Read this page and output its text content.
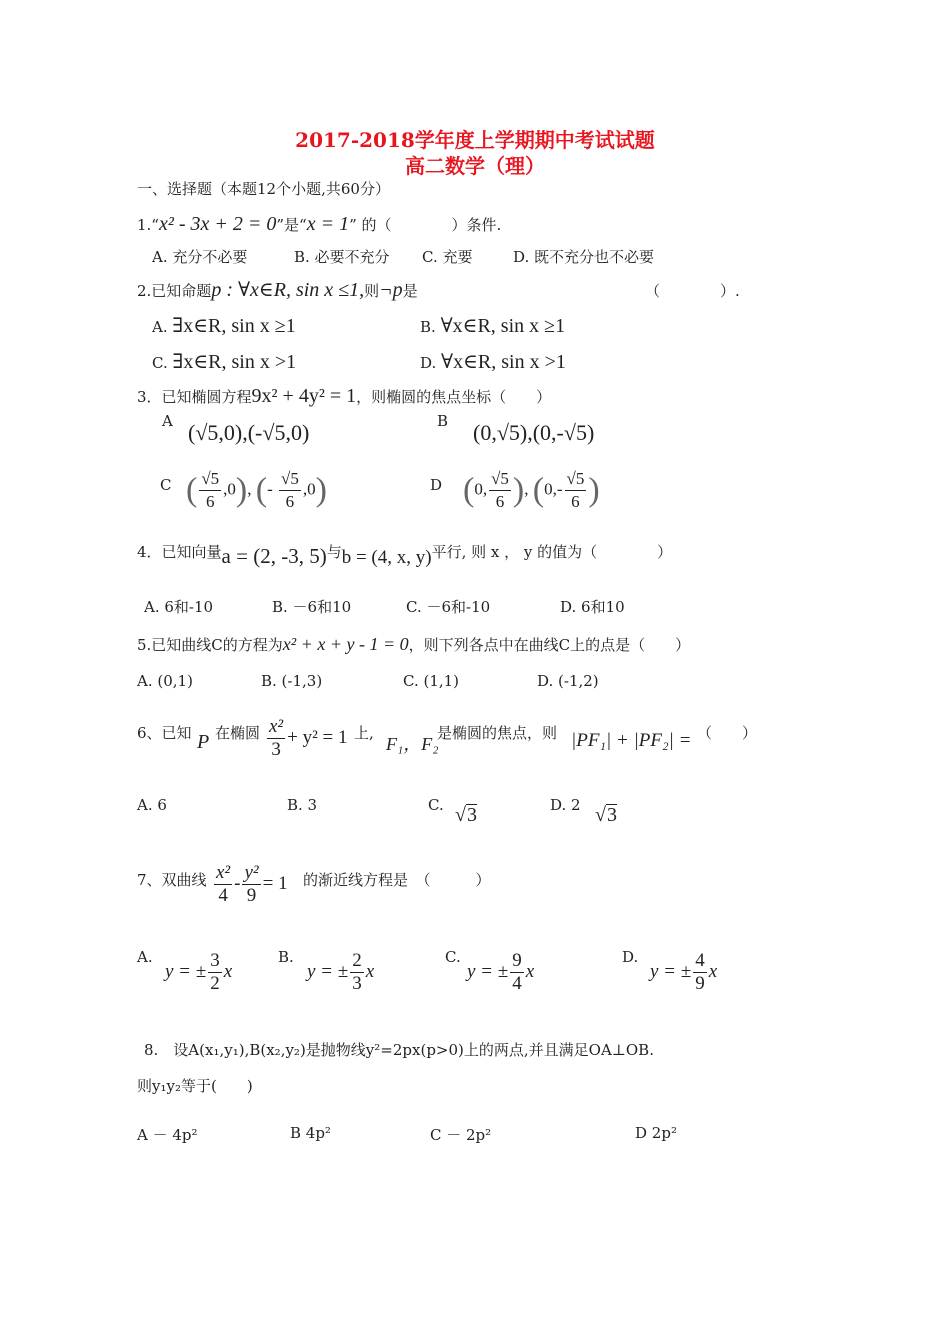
2017-2018学年度上学期期中考试试题
高二数学（理）
一、选择题（本题12个小题,共60分）
1.“x² - 3x + 2 = 0”是“x = 1” 的（　　　　）条件.
A. 充分不必要	B. 必要不充分 C. 充要	D. 既不充分也不必要
2.已知命题p : ∀x∈R, sin x ≤1,则¬p是	（　　　　）.
A. ∃x∈R, sin x ≥1	B. ∀x∈R, sin x ≥1
C. ∃x∈R, sin x >1	D. ∀x∈R, sin x >1
3．已知椭圆方程9x² + 4y² = 1，则椭圆的焦点坐标（　　）
A (√5,0),(-√5,0)	B (0,√5),(0,-√5)
C ( $\frac{√5}{6} ,0$), (- $\frac{√5}{6} ,0$)	D (0, $\frac{√5}{6}$ ), ($0,- \frac{√5}{6}$ )
4．已知向量a = (2, -3, 5)与b = (4, x, y)平行, 则 x ， y 的值为（　　　　）
A. 6和-10	B. －6和10	C. －6和-10	D. 6和10
5.已知曲线C的方程为x² + x + y - 1 = 0，则下列各点中在曲线C上的点是（　　）
A. (0,1)	B. (-1,3)	C. (1,1)	D. (-1,2)
6、已知 P 在椭圆 $\frac{\text{x²}}{3} + y^2 = 1$ 上,
F₁，F₂
是椭圆的焦点，则 |PF₁| + |PF₂| = （　　）
A. 6	B. 3	C. √3	D. 2 √3
7、双曲线 $\frac{\text{x²}}{4} - \frac{\text{y²}}{9} = 1$ 的渐近线方程是　（　　　）
A.
y = ± $\frac{3}{2}$ x
B.
y = ± $\frac{2}{3}$ x
C.
y = ± $\frac{9}{4}$ x
D.
y = ± $\frac{4}{9}$ x
8.　设A(x₁,y₁),B(x₂,y₂)是抛物线y²=2px(p>0)上的两点,并且满足OA⊥OB.
则y₁y₂等于(　　)
A － 4p²	B 4p²	C － 2p²	D 2p²
